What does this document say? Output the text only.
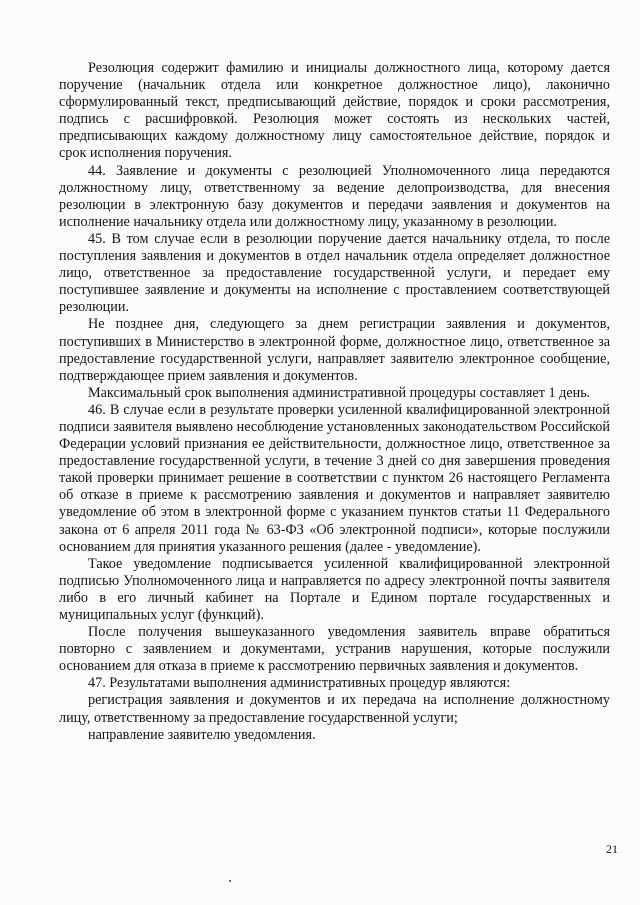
Резолюция содержит фамилию и инициалы должностного лица, которому дается поручение (начальник отдела или конкретное должностное лицо), лаконично сформулированный текст, предписывающий действие, порядок и сроки рассмотрения, подпись с расшифровкой. Резолюция может состоять из нескольких частей, предписывающих каждому должностному лицу самостоятельное действие, порядок и срок исполнения поручения.

44. Заявление и документы с резолюцией Уполномоченного лица передаются должностному лицу, ответственному за ведение делопроизводства, для внесения резолюции в электронную базу документов и передачи заявления и документов на исполнение начальнику отдела или должностному лицу, указанному в резолюции.

45. В том случае если в резолюции поручение дается начальнику отдела, то после поступления заявления и документов в отдел начальник отдела определяет должностное лицо, ответственное за предоставление государственной услуги, и передает ему поступившее заявление и документы на исполнение с проставлением соответствующей резолюции.

Не позднее дня, следующего за днем регистрации заявления и документов, поступивших в Министерство в электронной форме, должностное лицо, ответственное за предоставление государственной услуги, направляет заявителю электронное сообщение, подтверждающее прием заявления и документов.

Максимальный срок выполнения административной процедуры составляет 1 день.

46. В случае если в результате проверки усиленной квалифицированной электронной подписи заявителя выявлено несоблюдение установленных законодательством Российской Федерации условий признания ее действительности, должностное лицо, ответственное за предоставление государственной услуги, в течение 3 дней со дня завершения проведения такой проверки принимает решение в соответствии с пунктом 26 настоящего Регламента об отказе в приеме к рассмотрению заявления и документов и направляет заявителю уведомление об этом в электронной форме с указанием пунктов статьи 11 Федерального закона от 6 апреля 2011 года № 63-ФЗ «Об электронной подписи», которые послужили основанием для принятия указанного решения (далее - уведомление).

Такое уведомление подписывается усиленной квалифицированной электронной подписью Уполномоченного лица и направляется по адресу электронной почты заявителя либо в его личный кабинет на Портале и Едином портале государственных и муниципальных услуг (функций).

После получения вышеуказанного уведомления заявитель вправе обратиться повторно с заявлением и документами, устранив нарушения, которые послужили основанием для отказа в приеме к рассмотрению первичных заявления и документов.

47. Результатами выполнения административных процедур являются:

регистрация заявления и документов и их передача на исполнение должностному лицу, ответственному за предоставление государственной услуги;

направление заявителю уведомления.

21
